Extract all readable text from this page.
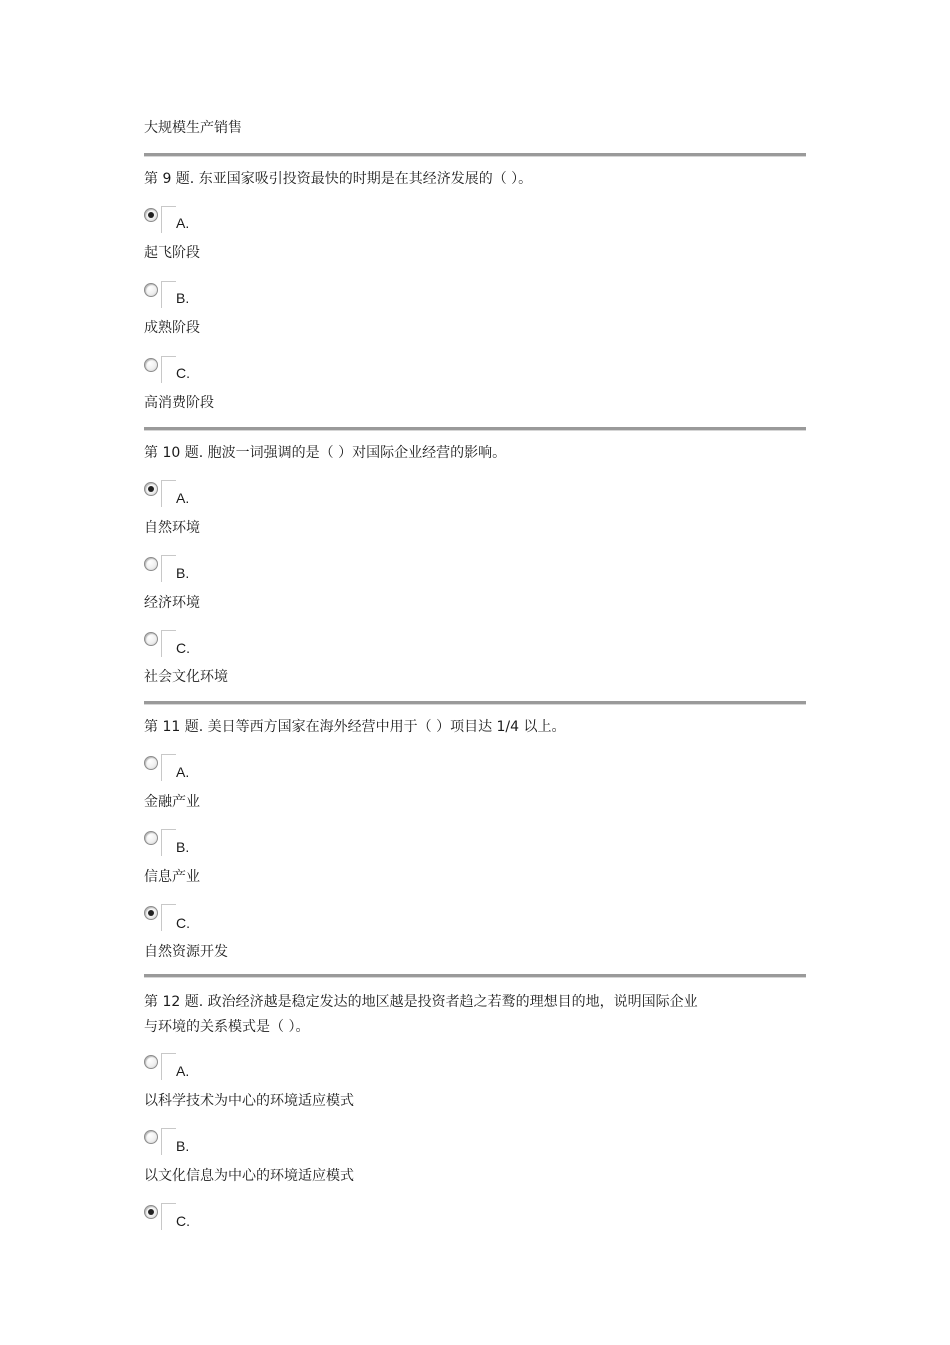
大规模生产销售
第 9 题. 东亚国家吸引投资最快的时期是在其经济发展的（ ）。
A.
起飞阶段
B.
成熟阶段
C.
高消费阶段
第 10 题. 胞波一词强调的是（ ）对国际企业经营的影响。
A.
自然环境
B.
经济环境
C.
社会文化环境
第 11 题. 美日等西方国家在海外经营中用于（ ）项目达 1/4 以上。
A.
金融产业
B.
信息产业
C.
自然资源开发
第 12 题. 政治经济越是稳定发达的地区越是投资者趋之若鹜的理想目的地，说明国际企业
与环境的关系模式是（ ）。
A.
以科学技术为中心的环境适应模式
B.
以文化信息为中心的环境适应模式
C.
